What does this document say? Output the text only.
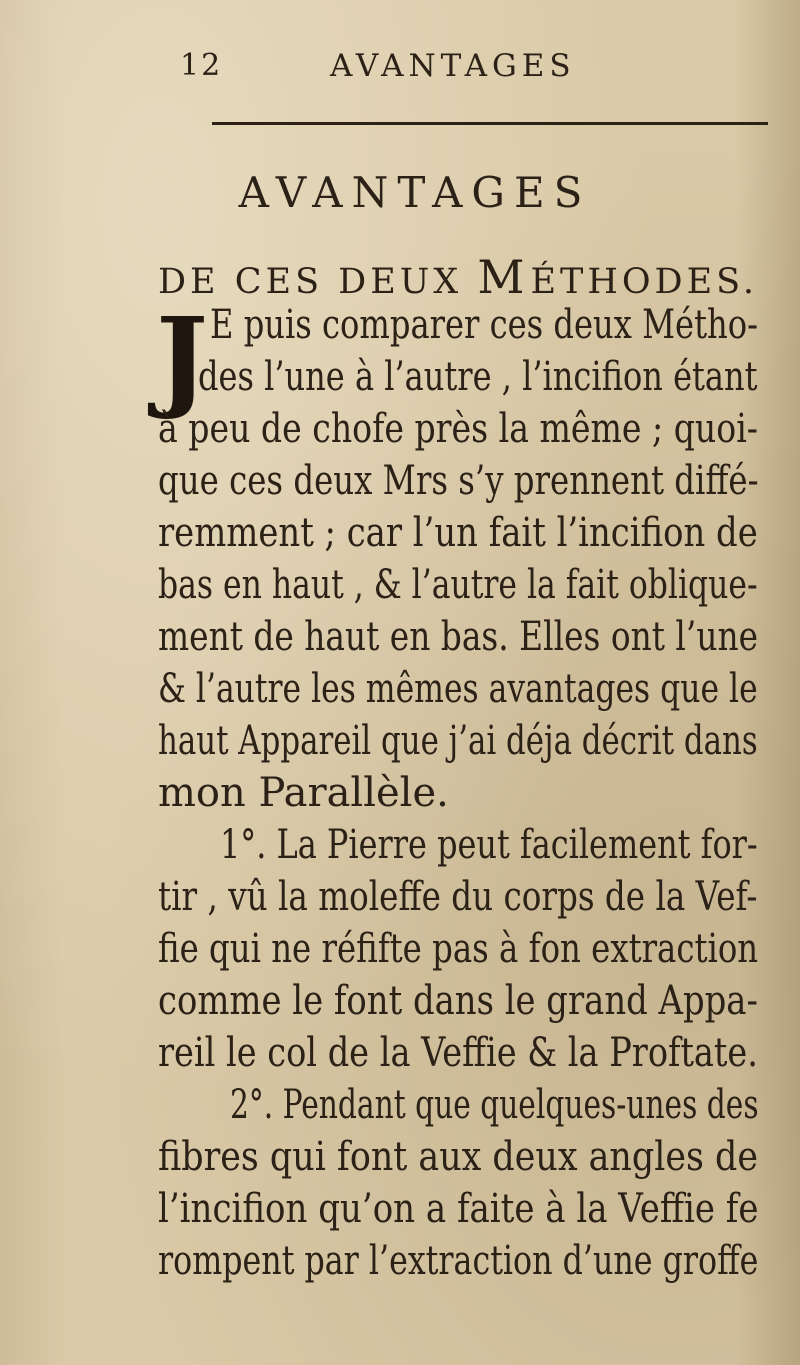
12	AVANTAGES
AVANTAGES
DE CES DEUX MÉTHODES.
J E puis comparer ces deux Métho-
des l’une à l’autre , l’incifion étant
à peu de chofe près la même ; quoi-
que ces deux Mrs s’y prennent diffé-
remment ; car l’un fait l’incifion de
bas en haut , & l’autre la fait oblique-
ment de haut en bas. Elles ont l’une
& l’autre les mêmes avantages que le
haut Appareil que j’ai déja décrit dans
mon Parallèle.
1°. La Pierre peut facilement for-
tir , vû la moleffe du corps de la Vef-
fie qui ne réfifte pas à fon extraction
comme le font dans le grand Appa-
reil le col de la Veffie & la Proftate.
2°. Pendant que quelques-unes des
fibres qui font aux deux angles de
l’incifion qu’on a faite à la Veffie fe
rompent par l’extraction d’une groffe
